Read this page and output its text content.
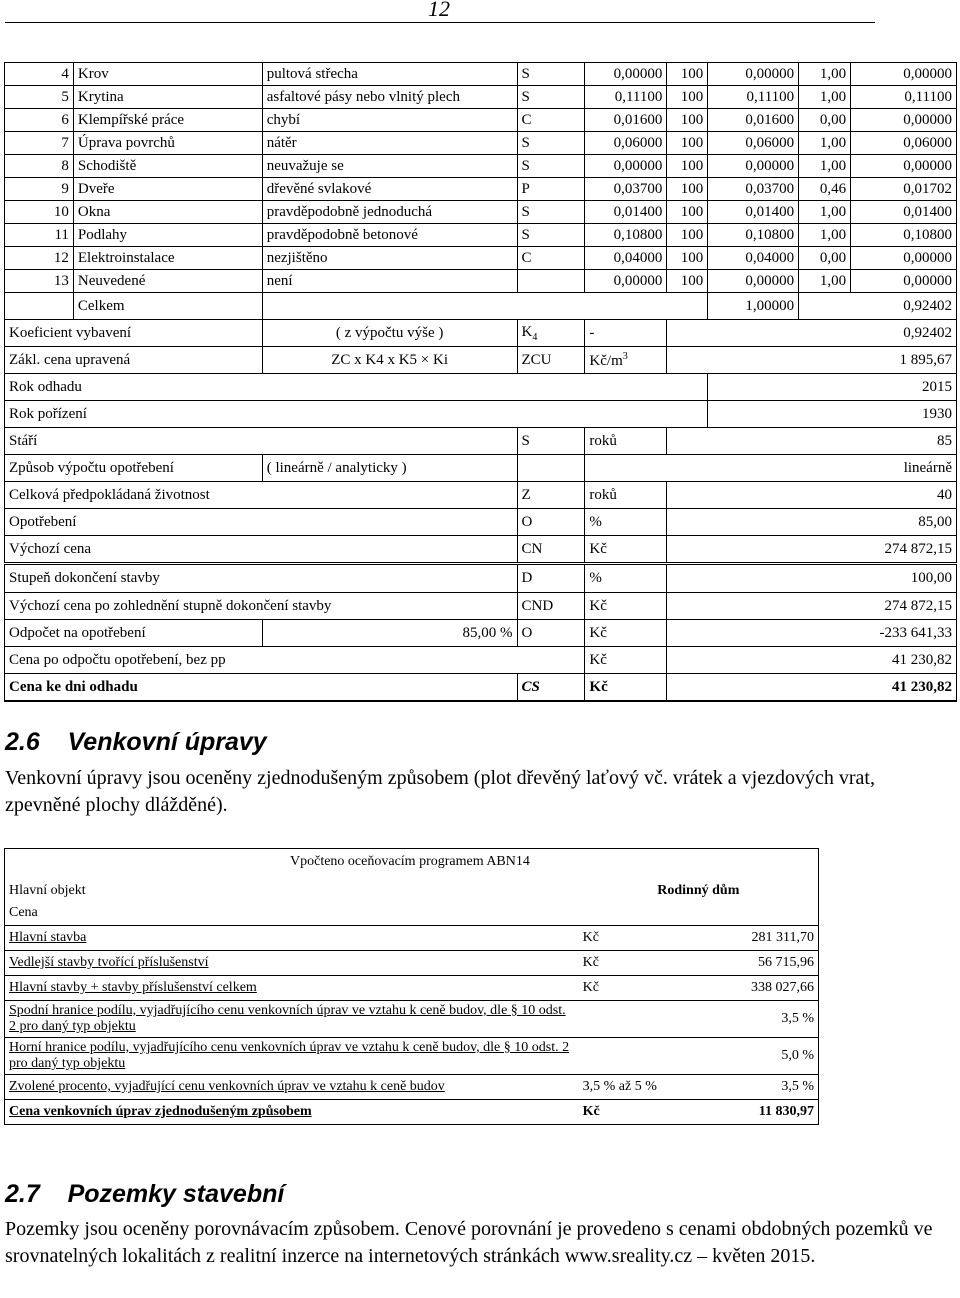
12
4	Krov	pultová střecha	S	0,00000	100	0,00000	1,00	0,00000
5	Krytina	asfaltové pásy nebo vlnitý plech	S	0,11100	100	0,11100	1,00	0,11100
6	Klempířské práce	chybí	C	0,01600	100	0,01600	0,00	0,00000
7	Úprava povrchů	nátěr	S	0,06000	100	0,06000	1,00	0,06000
8	Schodiště	neuvažuje se	S	0,00000	100	0,00000	1,00	0,00000
9	Dveře	dřevěné svlakové	P	0,03700	100	0,03700	0,46	0,01702
10	Okna	pravděpodobně jednoduchá	S	0,01400	100	0,01400	1,00	0,01400
11	Podlahy	pravděpodobně betonové	S	0,10800	100	0,10800	1,00	0,10800
12	Elektroinstalace	nezjištěno	C	0,04000	100	0,04000	0,00	0,00000
13	Neuvedené	není		0,00000	100	0,00000	1,00	0,00000
	Celkem					1,00000	0,92402	
Koeficient vybavení		( z výpočtu výše )	$K_4$	-	0,92402			
Zákl. cena upravená		ZC x K4 x K5 × Ki	ZCU	$Kč/m^3$	1 895,67			
Rok odhadu						2015		
Rok pořízení						1930		
Stáří			S	roků	85			
Způsob výpočtu opotřebení		( lineárně / analyticky )		lineárně				
Celková předpokládaná životnost			Z	roků	40			
Opotřebení			O	%	85,00			
Výchozí cena			CN	Kč	274 872,15			
Stupeň dokončení stavby			D	%	100,00			
Výchozí cena po zohlednění stupně dokončení stavby			CND	Kč	274 872,15			
Odpočet na opotřebení		85,00 %	O	Kč	-233 641,33			
Cena po odpočtu opotřebení, bez pp				Kč	41 230,82			
Cena ke dni odhadu			CS	Kč	41 230,82			
2.6 Venkovní úpravy

Venkovní úpravy jsou oceněny zjednodušeným způsobem (plot dřevěný laťový vč. vrátek a vjezdových vrat, zpevněné plochy dlážděné).

Hlavní objekt	Rodinný dům	
Cena		
Hlavní stavba	Kč	281 311,70
Vedlejší stavby tvořící příslušenství	Kč	56 715,96
Hlavní stavby + stavby příslušenství celkem	Kč	338 027,66
Spodní hranice podílu, vyjadřujícího cenu venkovních úprav ve vztahu k ceně budov, dle § 10 odst. 2 pro daný typ objektu		3,5 %
Horní hranice podílu, vyjadřujícího cenu venkovních úprav ve vztahu k ceně budov, dle § 10 odst. 2 pro daný typ objektu		5,0 %
Zvolené procento, vyjadřující cenu venkovních úprav ve vztahu k ceně budov	3,5 % až 5 %	3,5 %
Cena venkovních úprav zjednodušeným způsobem	Kč	11 830,97
Vpočteno oceňovacím programem ABN14
2.7 Pozemky stavební

Pozemky jsou oceněny porovnávacím způsobem. Cenové porovnání je provedeno s cenami obdobných pozemků ve srovnatelných lokalitách z realitní inzerce na internetových stránkách www.sreality.cz – květen 2015.
